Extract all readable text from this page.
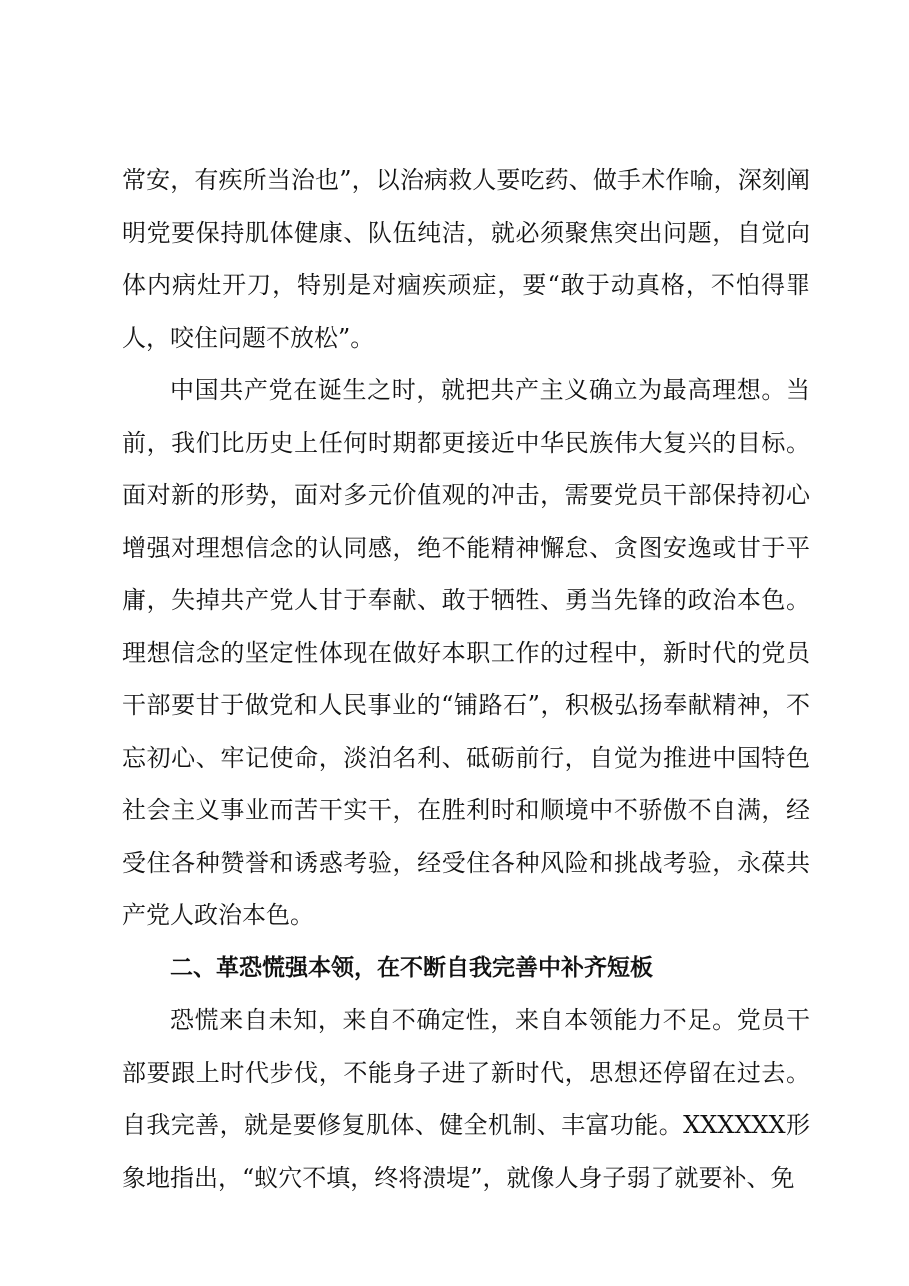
常安，有疾所当治也”，以治病救人要吃药、做手术作喻，深刻阐明党要保持肌体健康、队伍纯洁，就必须聚焦突出问题，自觉向体内病灶开刀，特别是对痼疾顽症，要“敢于动真格，不怕得罪人，咬住问题不放松”。

中国共产党在诞生之时，就把共产主义确立为最高理想。当前，我们比历史上任何时期都更接近中华民族伟大复兴的目标。面对新的形势，面对多元价值观的冲击，需要党员干部保持初心增强对理想信念的认同感，绝不能精神懈怠、贪图安逸或甘于平庸，失掉共产党人甘于奉献、敢于牺牲、勇当先锋的政治本色。理想信念的坚定性体现在做好本职工作的过程中，新时代的党员干部要甘于做党和人民事业的“铺路石”，积极弘扬奉献精神，不忘初心、牢记使命，淡泊名利、砥砺前行，自觉为推进中国特色社会主义事业而苦干实干，在胜利时和顺境中不骄傲不自满，经受住各种赞誉和诱惑考验，经受住各种风险和挑战考验，永葆共产党人政治本色。

二、革恐慌强本领，在不断自我完善中补齐短板

恐慌来自未知，来自不确定性，来自本领能力不足。党员干部要跟上时代步伐，不能身子进了新时代，思想还停留在过去。自我完善，就是要修复肌体、健全机制、丰富功能。XXXXXX形象地指出，“蚁穴不填，终将溃堤”，就像人身子弱了就要补、免
